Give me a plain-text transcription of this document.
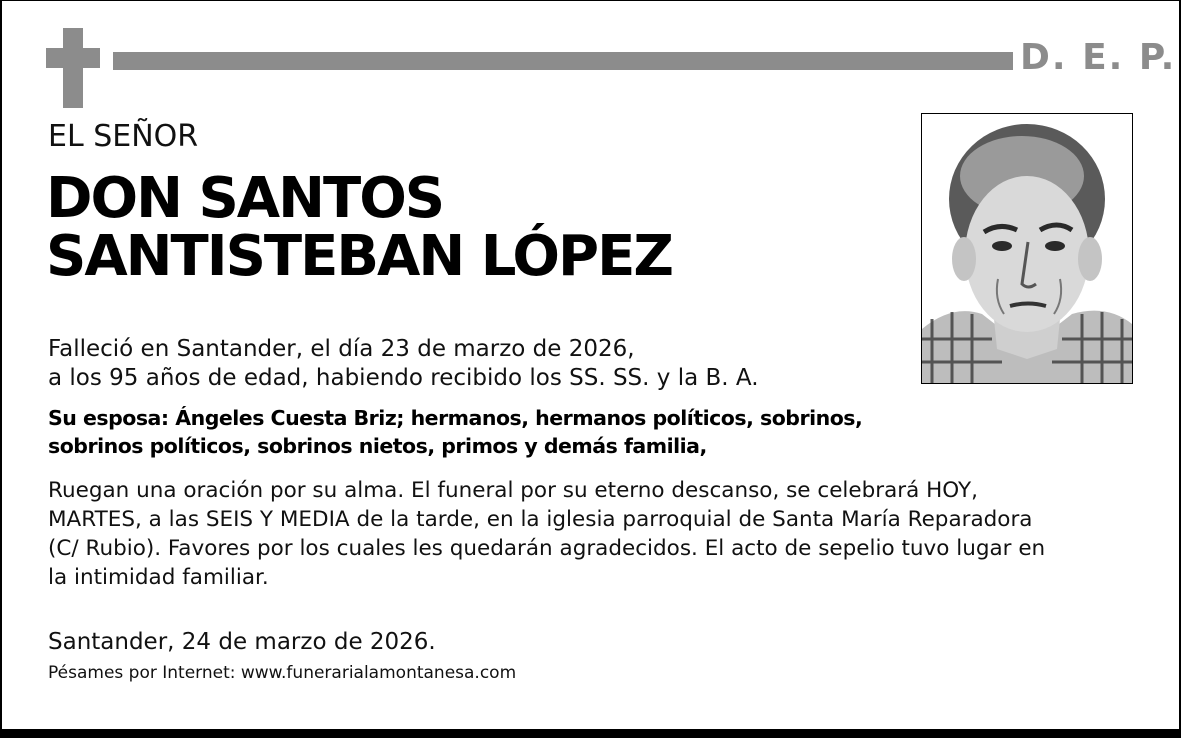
D. E. P.
EL SEÑOR
DON SANTOS
SANTISTEBAN LÓPEZ
Falleció en Santander, el día 23 de marzo de 2026,
a los 95 años de edad, habiendo recibido los SS. SS. y la B. A.
Su esposa: Ángeles Cuesta Briz; hermanos, hermanos políticos, sobrinos,
sobrinos políticos, sobrinos nietos, primos y demás familia,
Ruegan una oración por su alma. El funeral por su eterno descanso, se celebrará HOY,
MARTES, a las SEIS Y MEDIA de la tarde, en la iglesia parroquial de Santa María Reparadora
(C/ Rubio). Favores por los cuales les quedarán agradecidos. El acto de sepelio tuvo lugar en
la intimidad familiar.
Santander, 24 de marzo de 2026.
Pésames por Internet: www.funerarialamontanesa.com
